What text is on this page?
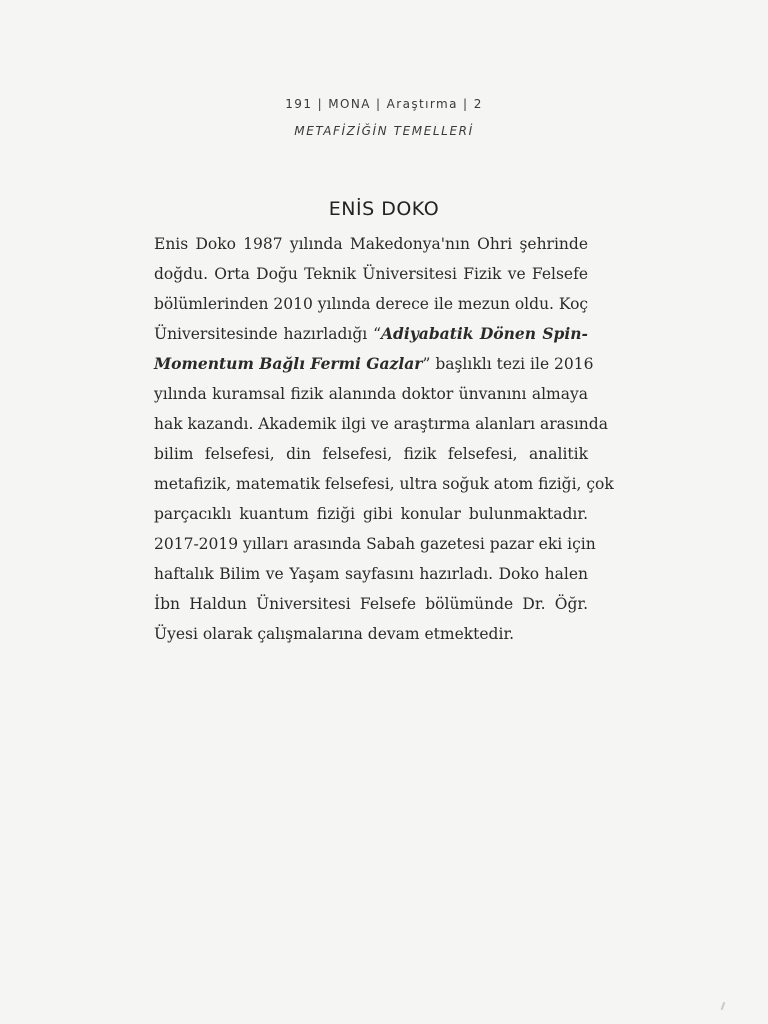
191 | MONA | Araştırma | 2
METAFİZİĞİN TEMELLERİ
ENİS DOKO
Enis Doko 1987 yılında Makedonya'nın Ohri şehrinde
doğdu. Orta Doğu Teknik Üniversitesi Fizik ve Felsefe
bölümlerinden 2010 yılında derece ile mezun oldu. Koç
Üniversitesinde hazırladığı “Adiyabatik Dönen Spin-
Momentum Bağlı Fermi Gazlar” başlıklı tezi ile 2016
yılında kuramsal fizik alanında doktor ünvanını almaya
hak kazandı. Akademik ilgi ve araştırma alanları arasında
bilim felsefesi, din felsefesi, fizik felsefesi, analitik
metafizik, matematik felsefesi, ultra soğuk atom fiziği, çok
parçacıklı kuantum fiziği gibi konular bulunmaktadır.
2017-2019 yılları arasında Sabah gazetesi pazar eki için
haftalık Bilim ve Yaşam sayfasını hazırladı. Doko halen
İbn Haldun Üniversitesi Felsefe bölümünde Dr. Öğr.
Üyesi olarak çalışmalarına devam etmektedir.
